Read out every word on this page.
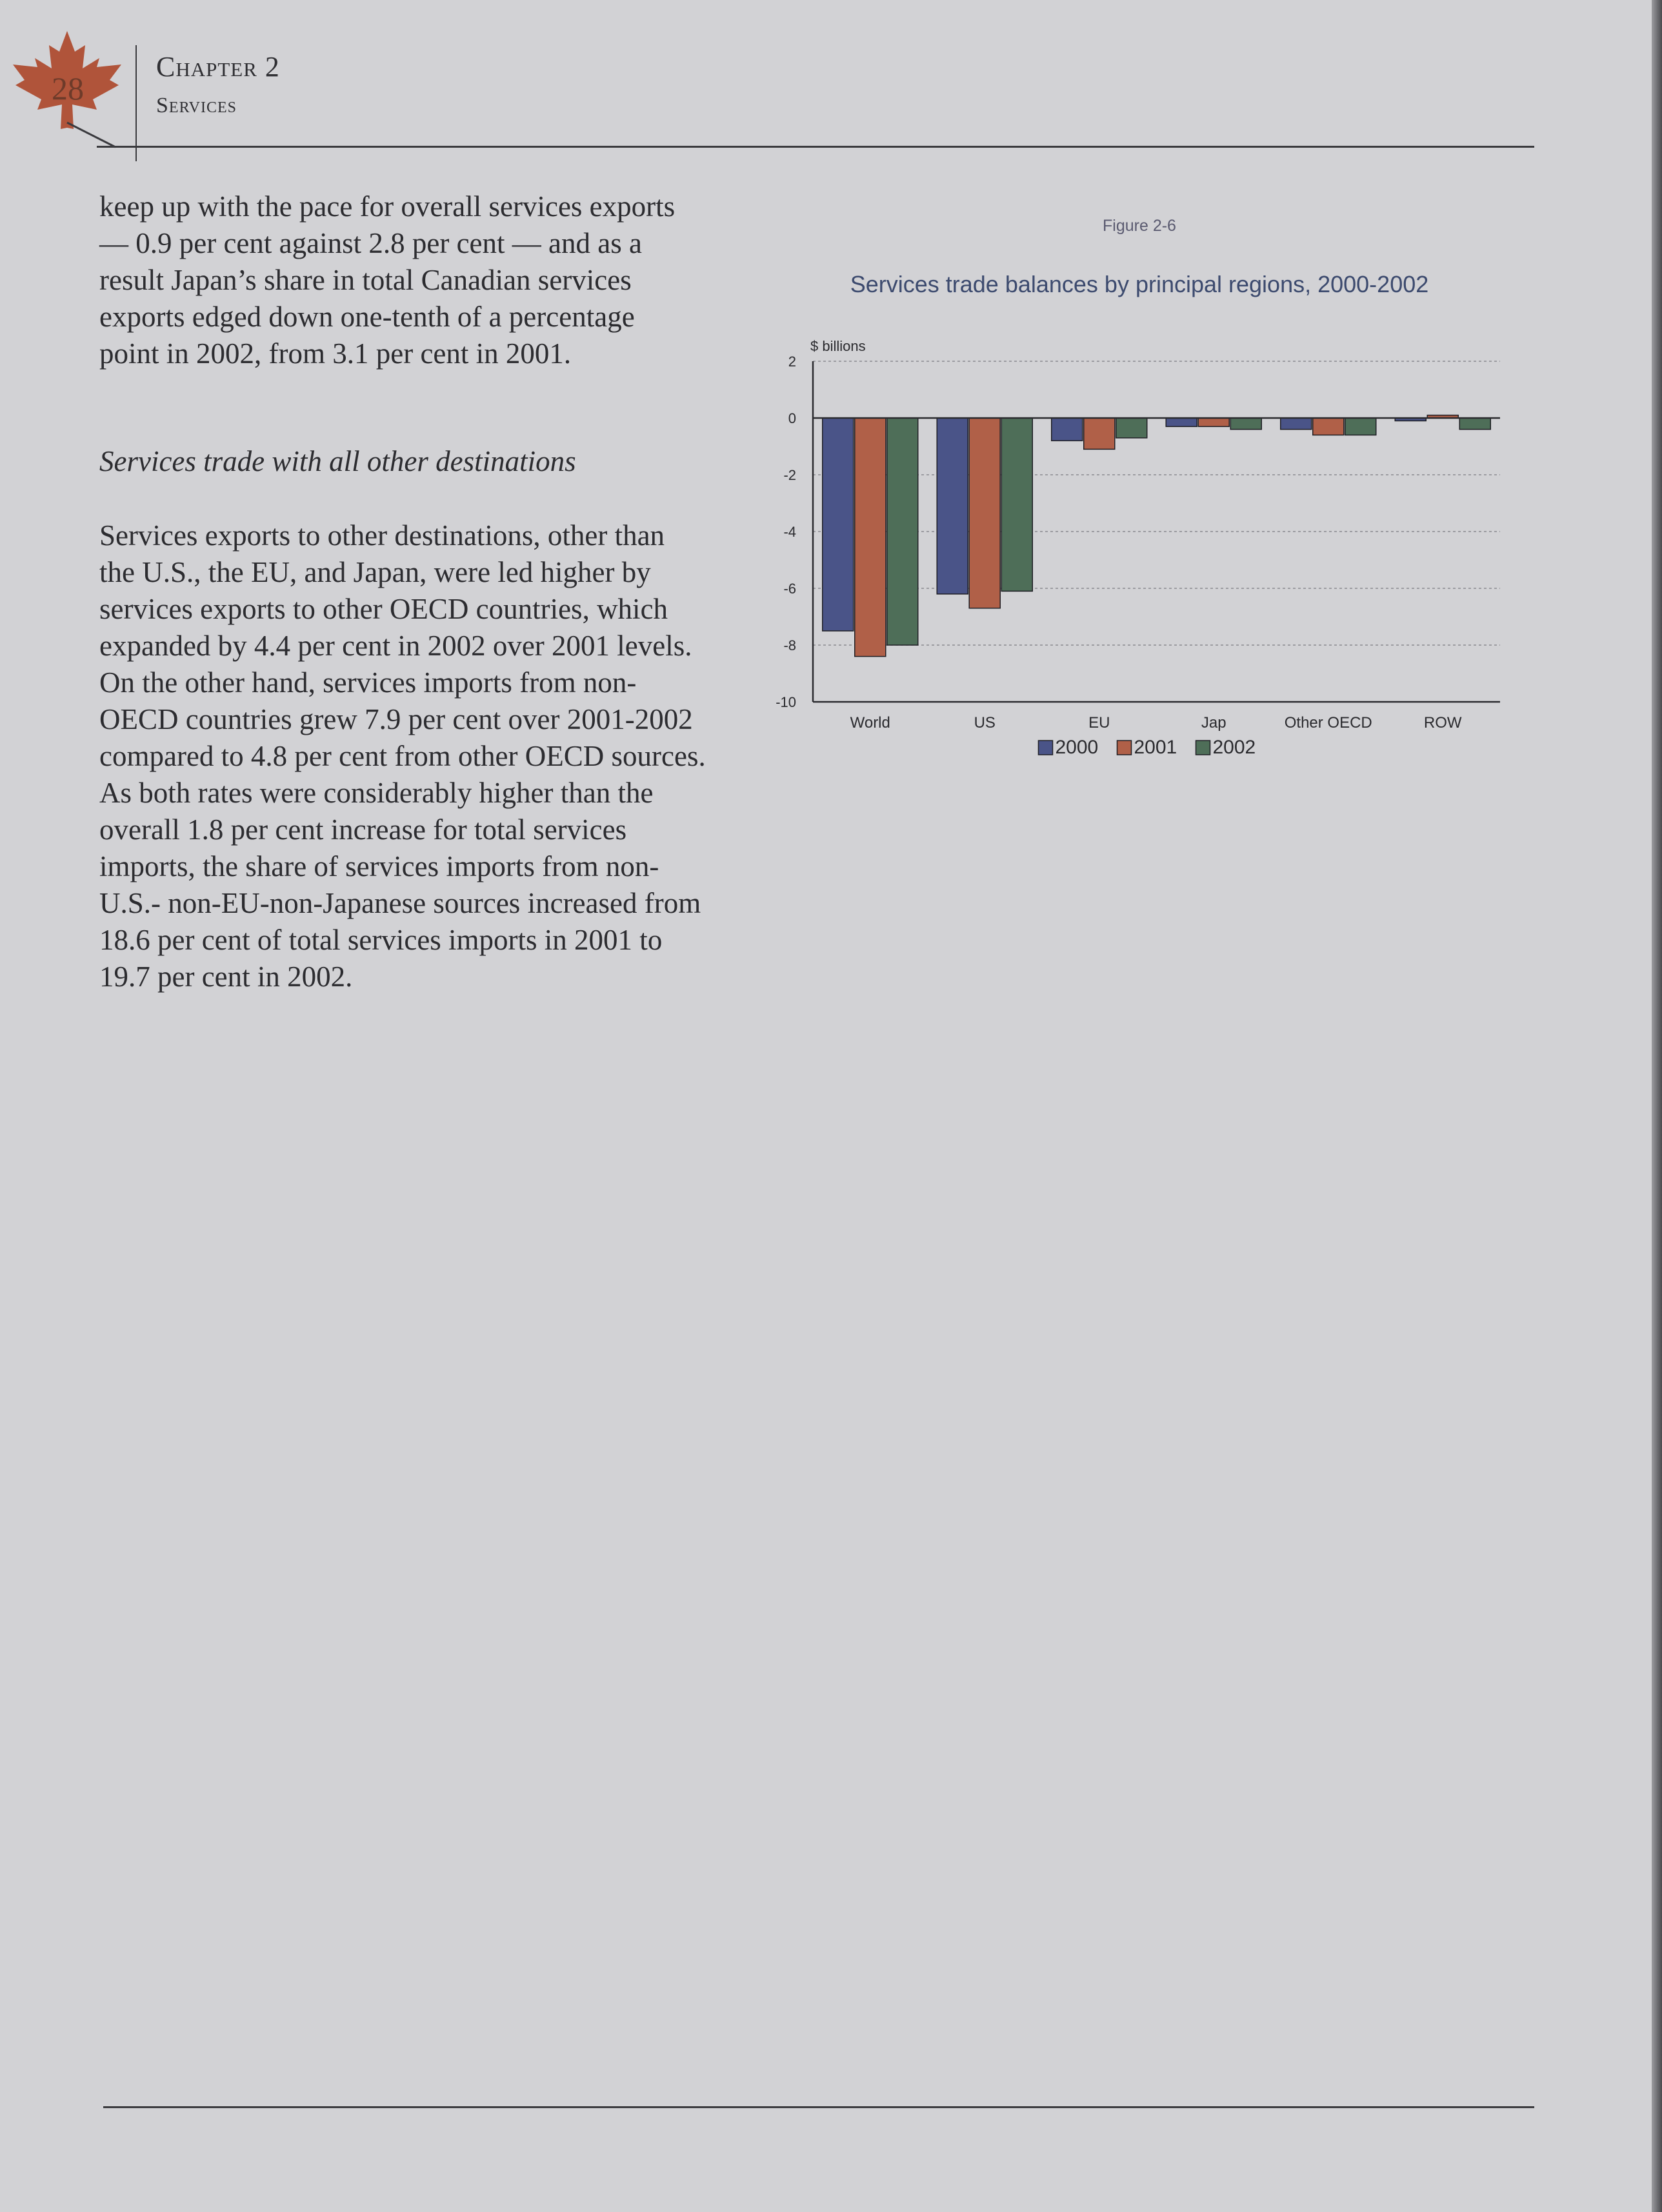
28
Chapter 2
Services

keep up with the pace for overall services exports
— 0.9 per cent against 2.8 per cent — and as a
result Japan’s share in total Canadian services
exports edged down one-tenth of a percentage
point in 2002, from 3.1 per cent in 2001.

Services trade with all other destinations

Services exports to other destinations, other than
the U.S., the EU, and Japan, were led higher by
services exports to other OECD countries, which
expanded by 4.4 per cent in 2002 over 2001 levels.
On the other hand, services imports from non-
OECD countries grew 7.9 per cent over 2001-2002
compared to 4.8 per cent from other OECD sources.
As both rates were considerably higher than the
overall 1.8 per cent increase for total services
imports, the share of services imports from non-
U.S.- non-EU-non-Japanese sources increased from
18.6 per cent of total services imports in 2001 to
19.7 per cent in 2002.

Figure 2-6
Services trade balances by principal regions, 2000-2002
$ billions
2
0
-2
-4
-6
-8
-10
World	US	EU	Jap	Other OECD	ROW
2000 2001 2002
